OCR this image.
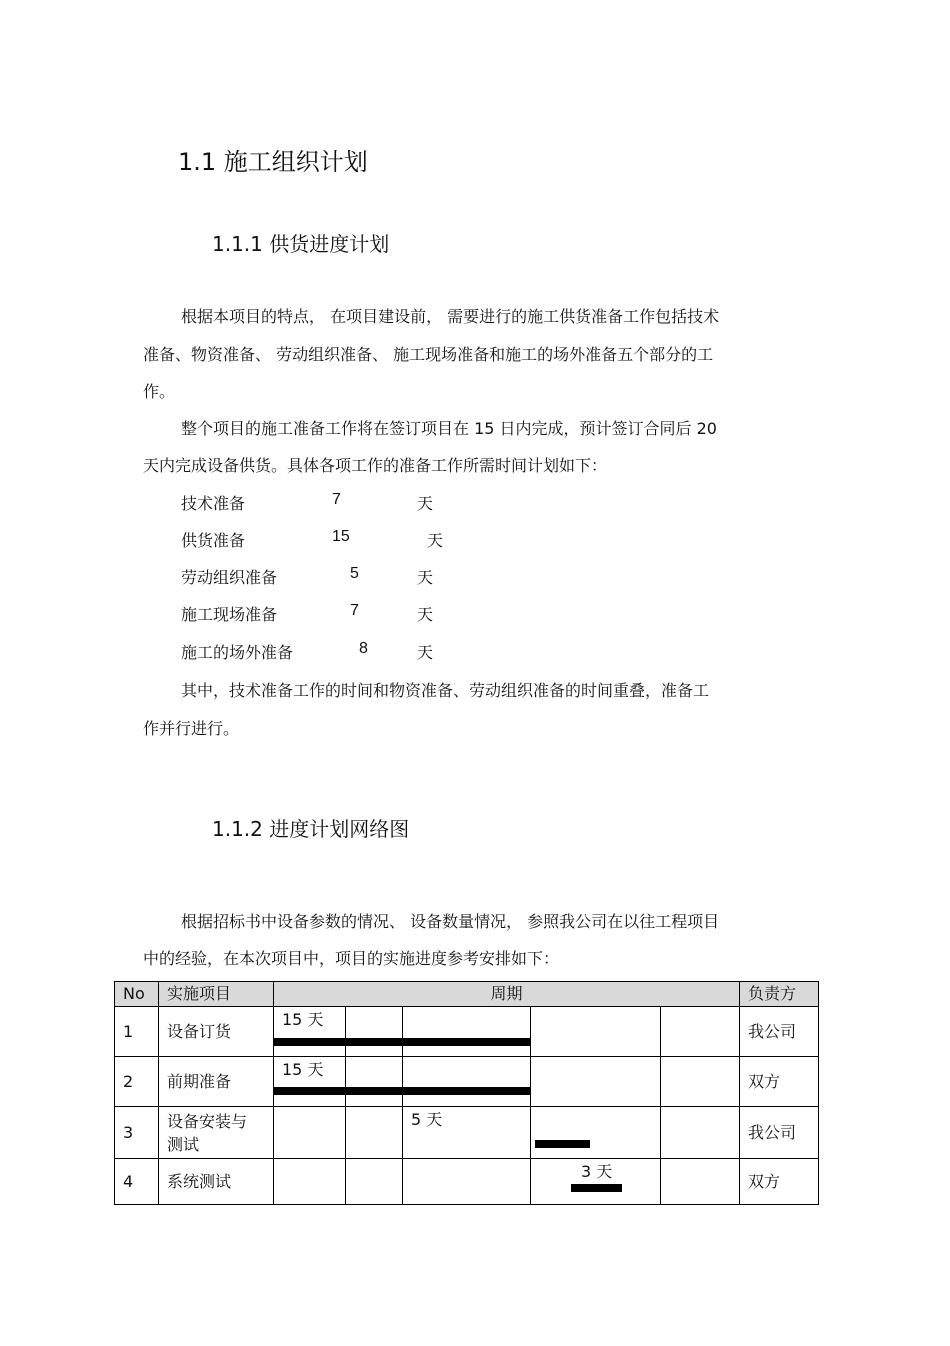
1.1 施工组织计划
1.1.1 供货进度计划
根据本项目的特点， 在项目建设前， 需要进行的施工供货准备工作包括技术
准备、物资准备、 劳动组织准备、 施工现场准备和施工的场外准备五个部分的工
作。
整个项目的施工准备工作将在签订项目在 15 日内完成，预计签订合同后 20
天内完成设备供货。具体各项工作的准备工作所需时间计划如下：
技术准备	7	天
供货准备	15	天
劳动组织准备	5	天
施工现场准备	7	天
施工的场外准备	8	天
其中，技术准备工作的时间和物资准备、劳动组织准备的时间重叠，准备工
作并行进行。
1.1.2 进度计划网络图
根据招标书中设备参数的情况、 设备数量情况， 参照我公司在以往工程项目
中的经验，在本次项目中，项目的实施进度参考安排如下：
No	实施项目	周期					负责方

1	设备订货	15 天					我公司

2	前期准备	15 天					双方

3	设备安装与
测试			5 天			我公司

4	系统测试				3 天		双方
